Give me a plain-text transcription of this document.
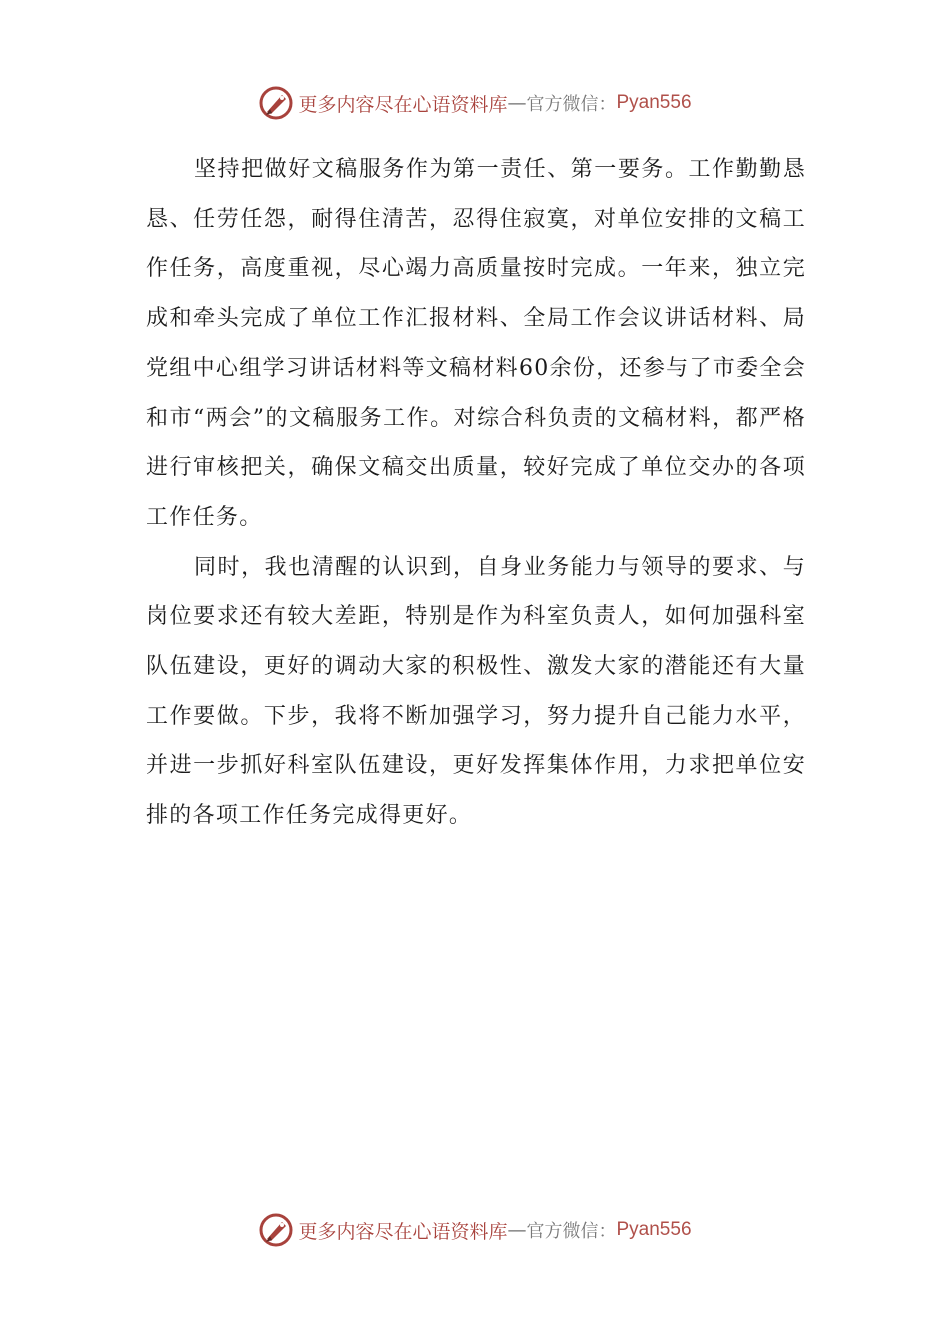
更多内容尽在心语资料库 — 官方微信： Pyan556

坚持把做好文稿服务作为第一责任、第一要务。工作勤勤恳恳、任劳任怨，耐得住清苦，忍得住寂寞，对单位安排的文稿工作任务，高度重视，尽心竭力高质量按时完成。一年来，独立完成和牵头完成了单位工作汇报材料、全局工作会议讲话材料、局党组中心组学习讲话材料等文稿材料60余份，还参与了市委全会和市“两会”的文稿服务工作。对综合科负责的文稿材料，都严格进行审核把关，确保文稿交出质量，较好完成了单位交办的各项工作任务。

同时，我也清醒的认识到，自身业务能力与领导的要求、与岗位要求还有较大差距，特别是作为科室负责人，如何加强科室队伍建设，更好的调动大家的积极性、激发大家的潜能还有大量工作要做。下步，我将不断加强学习，努力提升自己能力水平，并进一步抓好科室队伍建设，更好发挥集体作用，力求把单位安排的各项工作任务完成得更好。

更多内容尽在心语资料库 — 官方微信： Pyan556
